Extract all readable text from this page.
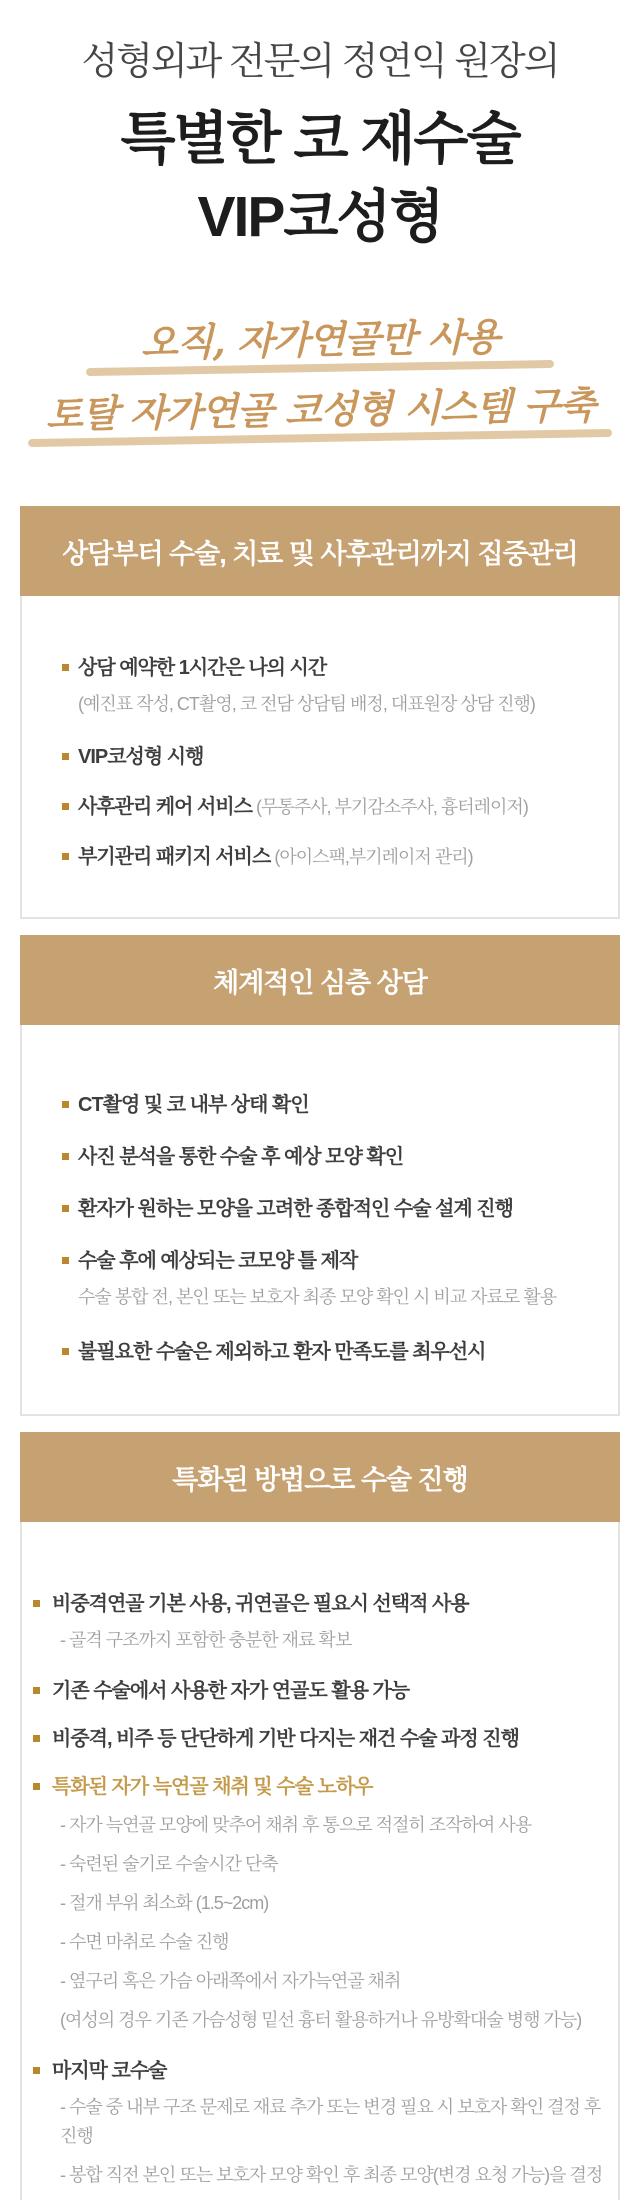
성형외과 전문의 정연익 원장의
특별한 코 재수술
VIP코성형
오직, 자가연골만 사용
토탈 자가연골 코성형 시스템 구축
상담부터 수술, 치료 및 사후관리까지 집중관리
상담 예약한 1시간은 나의 시간
(예진표 작성, CT촬영, 코 전담 상담팀 배정, 대표원장 상담 진행)
VIP코성형 시행
사후관리 케어 서비스 (무통주사, 부기감소주사, 흉터레이저)
부기관리 패키지 서비스 (아이스팩,부기레이저 관리)
체계적인 심층 상담
CT촬영 및 코 내부 상태 확인
사진 분석을 통한 수술 후 예상 모양 확인
환자가 원하는 모양을 고려한 종합적인 수술 설계 진행
수술 후에 예상되는 코모양 틀 제작
수술 봉합 전, 본인 또는 보호자 최종 모양 확인 시 비교 자료로 활용
불필요한 수술은 제외하고 환자 만족도를 최우선시
특화된 방법으로 수술 진행
비중격연골 기본 사용, 귀연골은 필요시 선택적 사용
- 골격 구조까지 포함한 충분한 재료 확보
기존 수술에서 사용한 자가 연골도 활용 가능
비중격, 비주 등 단단하게 기반 다지는 재건 수술 과정 진행
특화된 자가 늑연골 채취 및 수술 노하우
- 자가 늑연골 모양에 맞추어 채취 후 통으로 적절히 조작하여 사용
- 숙련된 술기로 수술시간 단축
- 절개 부위 최소화 (1.5~2cm)
- 수면 마취로 수술 진행
- 옆구리 혹은 가슴 아래쪽에서 자가늑연골 채취
(여성의 경우 기존 가슴성형 밑선 흉터 활용하거나 유방확대술 병행 가능)
마지막 코수술
- 수술 중 내부 구조 문제로 재료 추가 또는 변경 필요 시 보호자 확인 결정 후 진행
- 봉합 직전 본인 또는 보호자 모양 확인 후 최종 모양(변경 요청 가능)을 결정
